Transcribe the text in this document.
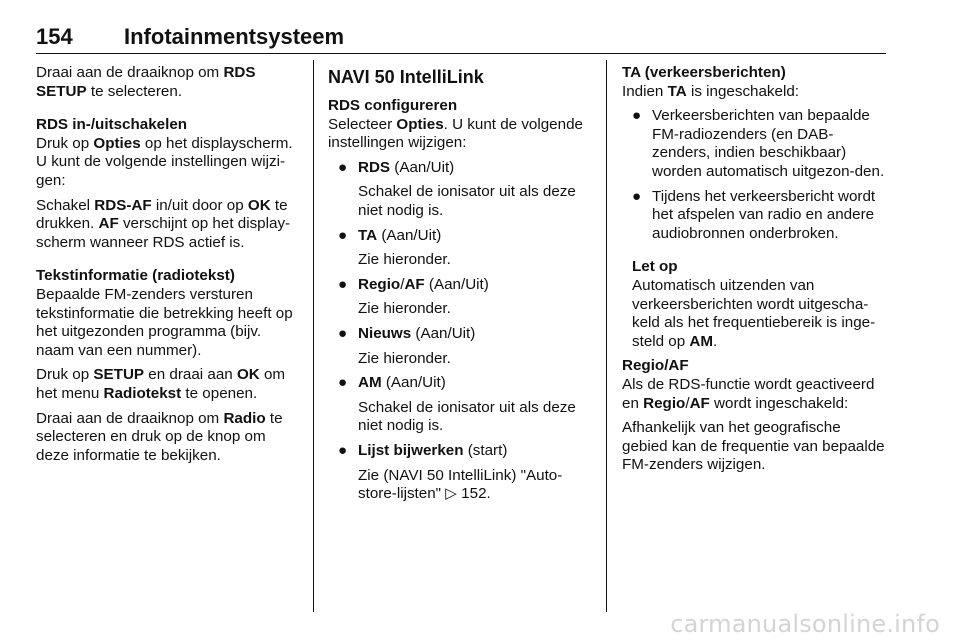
154 Infotainmentsysteem

Draai aan de draaiknop om RDS SETUP te selecteren.

RDS in-/uitschakelen

Druk op Opties op het displayscherm. U kunt de volgende instellingen wijzi-gen:

Schakel RDS-AF in/uit door op OK te drukken. AF verschijnt op het display-scherm wanneer RDS actief is.

Tekstinformatie (radiotekst)

Bepaalde FM-zenders versturen tekstinformatie die betrekking heeft op het uitgezonden programma (bijv. naam van een nummer).

Druk op SETUP en draai aan OK om het menu Radiotekst te openen.

Draai aan de draaiknop om Radio te selecteren en druk op de knop om deze informatie te bekijken.

NAVI 50 IntelliLink

RDS configureren

Selecteer Opties. U kunt de volgende instellingen wijzigen:

● RDS (Aan/Uit)

Schakel de ionisator uit als deze niet nodig is.

● TA (Aan/Uit)

Zie hieronder.

● Regio/AF (Aan/Uit)

Zie hieronder.

● Nieuws (Aan/Uit)

Zie hieronder.

● AM (Aan/Uit)

Schakel de ionisator uit als deze niet nodig is.

● Lijst bijwerken (start)

Zie (NAVI 50 IntelliLink) "Auto-store-lijsten" ▷ 152.

TA (verkeersberichten)

Indien TA is ingeschakeld:

● Verkeersberichten van bepaalde FM-radiozenders (en DAB-zenders, indien beschikbaar) worden automatisch uitgezon-den.
● Tijdens het verkeersbericht wordt het afspelen van radio en andere audiobronnen onderbroken.

Let op

Automatisch uitzenden van verkeersberichten wordt uitgescha-keld als het frequentiebereik is inge-steld op AM.

Regio/AF

Als de RDS-functie wordt geactiveerd en Regio/AF wordt ingeschakeld:

Afhankelijk van het geografische gebied kan de frequentie van bepaalde FM-zenders wijzigen.

carmanualsonline.info
